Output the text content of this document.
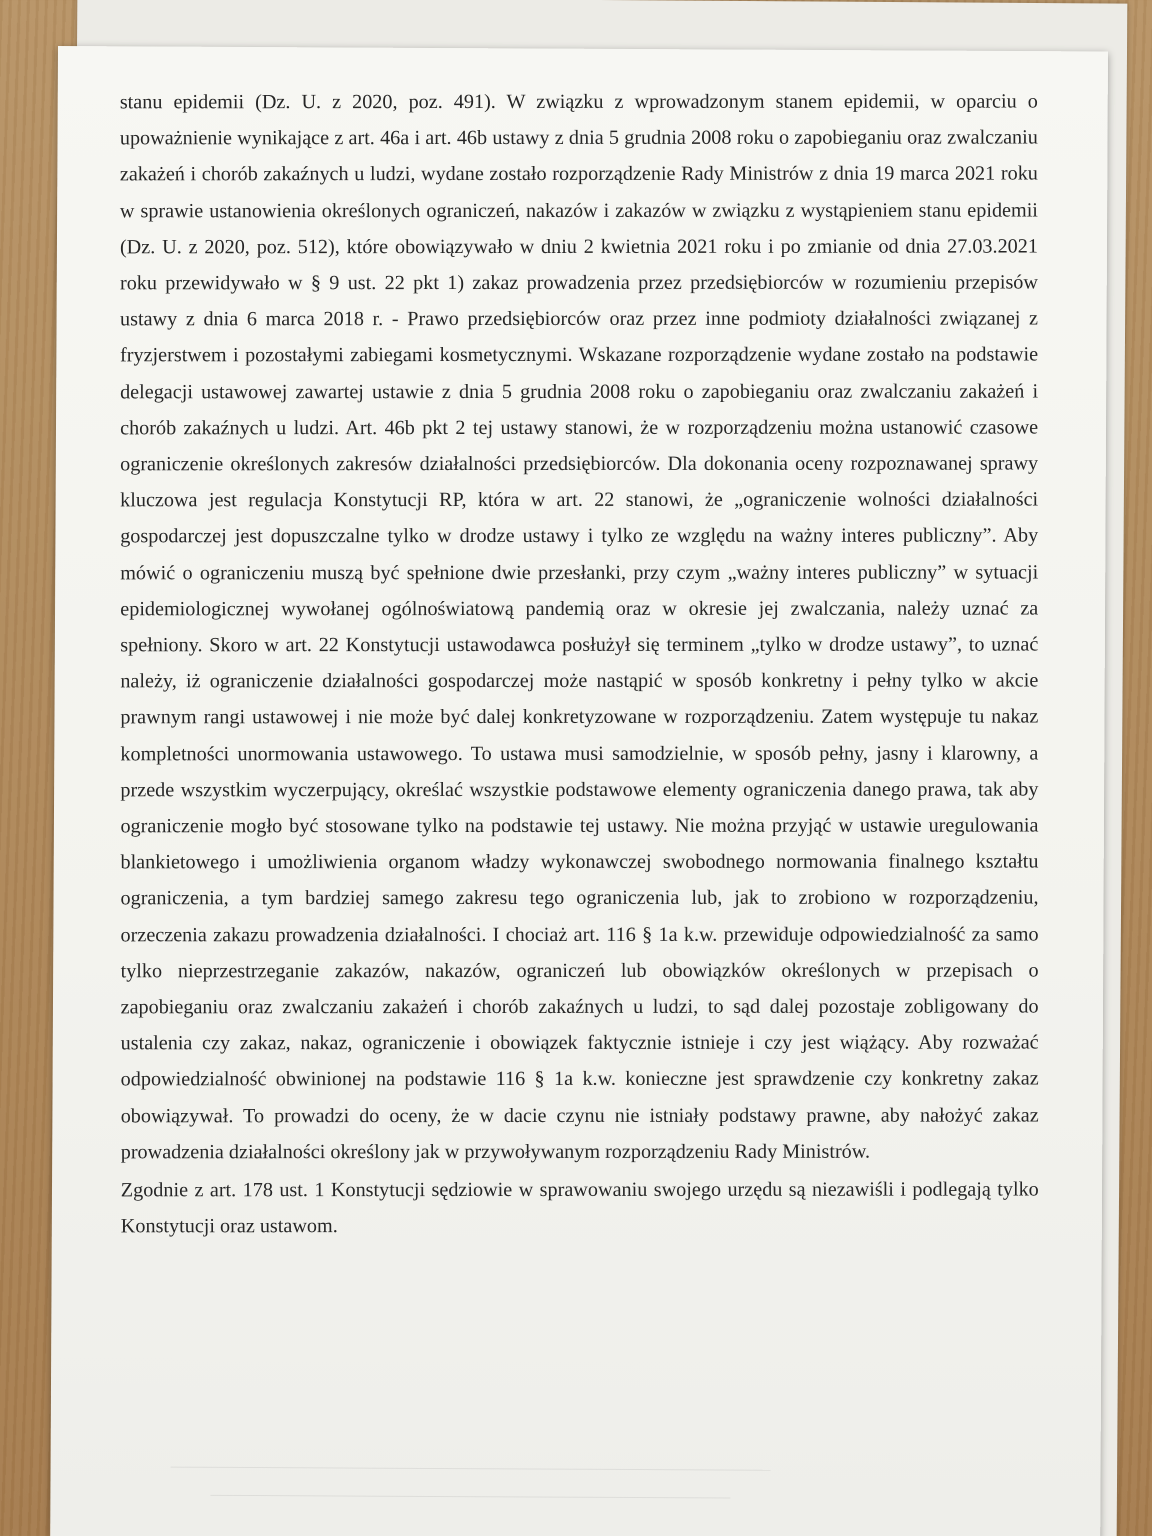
stanu epidemii (Dz. U. z 2020, poz. 491). W związku z wprowadzonym stanem epidemii, w oparciu o upoważnienie wynikające z art. 46a i art. 46b ustawy z dnia 5 grudnia 2008 roku o zapobieganiu oraz zwalczaniu zakażeń i chorób zakaźnych u ludzi, wydane zostało rozporządzenie Rady Ministrów z dnia 19 marca 2021 roku w sprawie ustanowienia określonych ograniczeń, nakazów i zakazów w związku z wystąpieniem stanu epidemii (Dz. U. z 2020, poz. 512), które obowiązywało w dniu 2 kwietnia 2021 roku i po zmianie od dnia 27.03.2021 roku przewidywało w § 9 ust. 22 pkt 1) zakaz prowadzenia przez przedsiębiorców w rozumieniu przepisów ustawy z dnia 6 marca 2018 r. - Prawo przedsiębiorców oraz przez inne podmioty działalności związanej z fryzjerstwem i pozostałymi zabiegami kosmetycznymi. Wskazane rozporządzenie wydane zostało na podstawie delegacji ustawowej zawartej ustawie z dnia 5 grudnia 2008 roku o zapobieganiu oraz zwalczaniu zakażeń i chorób zakaźnych u ludzi. Art. 46b pkt 2 tej ustawy stanowi, że w rozporządzeniu można ustanowić czasowe ograniczenie określonych zakresów działalności przedsiębiorców. Dla dokonania oceny rozpoznawanej sprawy kluczowa jest regulacja Konstytucji RP, która w art. 22 stanowi, że „ograniczenie wolności działalności gospodarczej jest dopuszczalne tylko w drodze ustawy i tylko ze względu na ważny interes publiczny”. Aby mówić o ograniczeniu muszą być spełnione dwie przesłanki, przy czym „ważny interes publiczny” w sytuacji epidemiologicznej wywołanej ogólnoświatową pandemią oraz w okresie jej zwalczania, należy uznać za spełniony. Skoro w art. 22 Konstytucji ustawodawca posłużył się terminem „tylko w drodze ustawy”, to uznać należy, iż ograniczenie działalności gospodarczej może nastąpić w sposób konkretny i pełny tylko w akcie prawnym rangi ustawowej i nie może być dalej konkretyzowane w rozporządzeniu. Zatem występuje tu nakaz kompletności unormowania ustawowego. To ustawa musi samodzielnie, w sposób pełny, jasny i klarowny, a przede wszystkim wyczerpujący, określać wszystkie podstawowe elementy ograniczenia danego prawa, tak aby ograniczenie mogło być stosowane tylko na podstawie tej ustawy. Nie można przyjąć w ustawie uregulowania blankietowego i umożliwienia organom władzy wykonawczej swobodnego normowania finalnego kształtu ograniczenia, a tym bardziej samego zakresu tego ograniczenia lub, jak to zrobiono w rozporządzeniu, orzeczenia zakazu prowadzenia działalności. I chociaż art. 116 § 1a k.w. przewiduje odpowiedzialność za samo tylko nieprzestrzeganie zakazów, nakazów, ograniczeń lub obowiązków określonych w przepisach o zapobieganiu oraz zwalczaniu zakażeń i chorób zakaźnych u ludzi, to sąd dalej pozostaje zobligowany do ustalenia czy zakaz, nakaz, ograniczenie i obowiązek faktycznie istnieje i czy jest wiążący. Aby rozważać odpowiedzialność obwinionej na podstawie 116 § 1a k.w. konieczne jest sprawdzenie czy konkretny zakaz obowiązywał. To prowadzi do oceny, że w dacie czynu nie istniały podstawy prawne, aby nałożyć zakaz prowadzenia działalności określony jak w przywoływanym rozporządzeniu Rady Ministrów.

Zgodnie z art. 178 ust. 1 Konstytucji sędziowie w sprawowaniu swojego urzędu są niezawiśli i podlegają tylko Konstytucji oraz ustawom.
